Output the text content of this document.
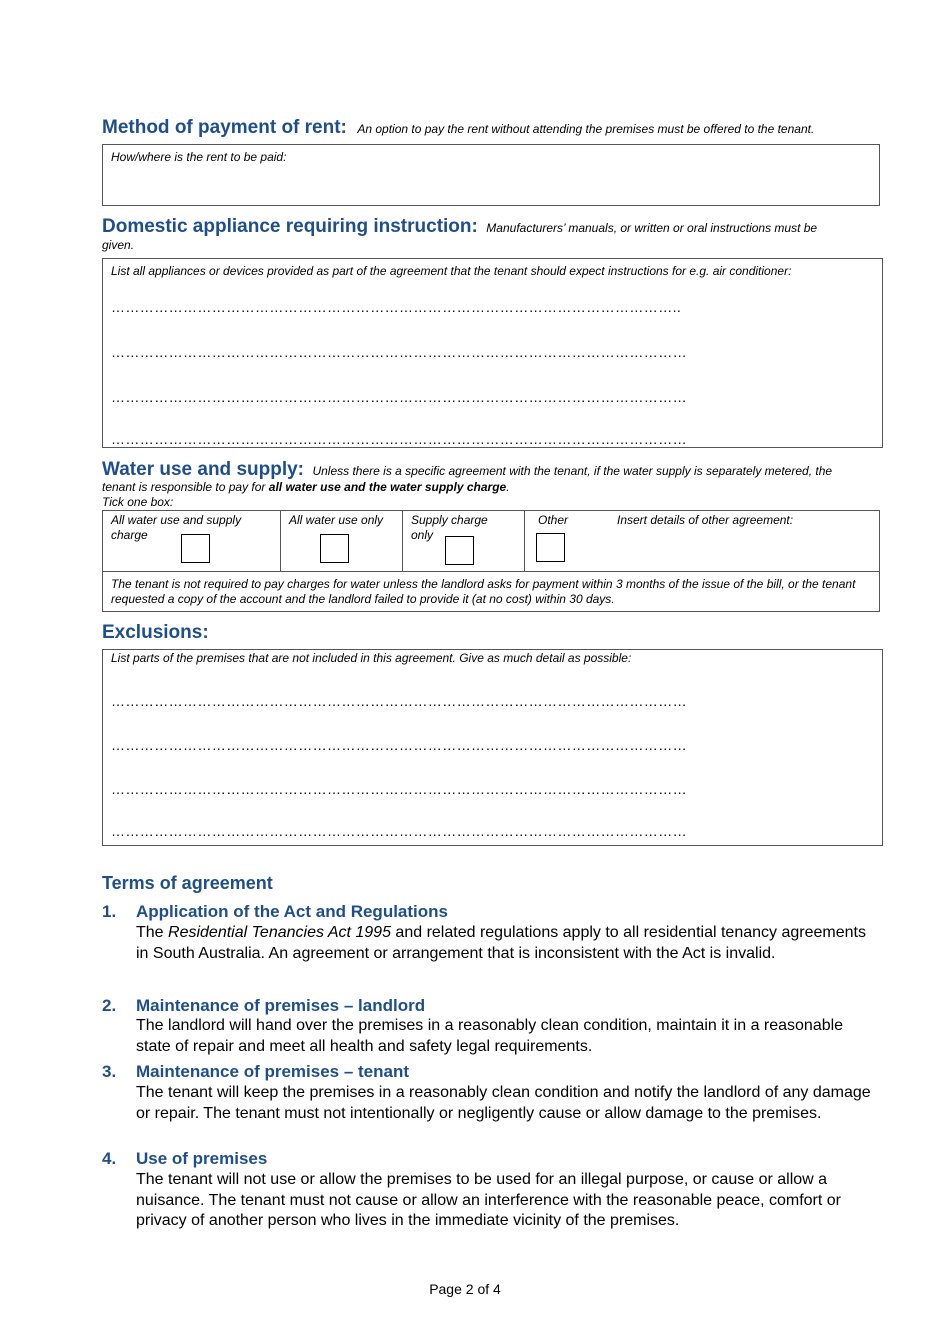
Method of payment of rent: An option to pay the rent without attending the premises must be offered to the tenant.
How/where is the rent to be paid:
Domestic appliance requiring instruction: Manufacturers’ manuals, or written or oral instructions must be
given.
List all appliances or devices provided as part of the agreement that the tenant should expect instructions for e.g. air conditioner:
………………………………………………………………………………………………………..
…………………………………………………………………………………………………………
…………………………………………………………………………………………………………
…………………………………………………………………………………………………………
Water use and supply: Unless there is a specific agreement with the tenant, if the water supply is separately metered, the
tenant is responsible to pay for all water use and the water supply charge.
Tick one box:
All water use and supply charge
All water use only	Supply charge only
Other	Insert details of other agreement:
The tenant is not required to pay charges for water unless the landlord asks for payment within 3 months of the issue of the bill, or the tenant requested a copy of the account and the landlord failed to provide it (at no cost) within 30 days.
Exclusions:
List parts of the premises that are not included in this agreement. Give as much detail as possible:
…………………………………………………………………………………………………………
…………………………………………………………………………………………………………
…………………………………………………………………………………………………………
…………………………………………………………………………………………………………
Terms of agreement
1. Application of the Act and Regulations
The Residential Tenancies Act 1995 and related regulations apply to all residential tenancy agreements in South Australia. An agreement or arrangement that is inconsistent with the Act is invalid.
2. Maintenance of premises – landlord
The landlord will hand over the premises in a reasonably clean condition, maintain it in a reasonable state of repair and meet all health and safety legal requirements.
3. Maintenance of premises – tenant
The tenant will keep the premises in a reasonably clean condition and notify the landlord of any damage or repair. The tenant must not intentionally or negligently cause or allow damage to the premises.
4. Use of premises
The tenant will not use or allow the premises to be used for an illegal purpose, or cause or allow a nuisance. The tenant must not cause or allow an interference with the reasonable peace, comfort or privacy of another person who lives in the immediate vicinity of the premises.
Page 2 of 4
